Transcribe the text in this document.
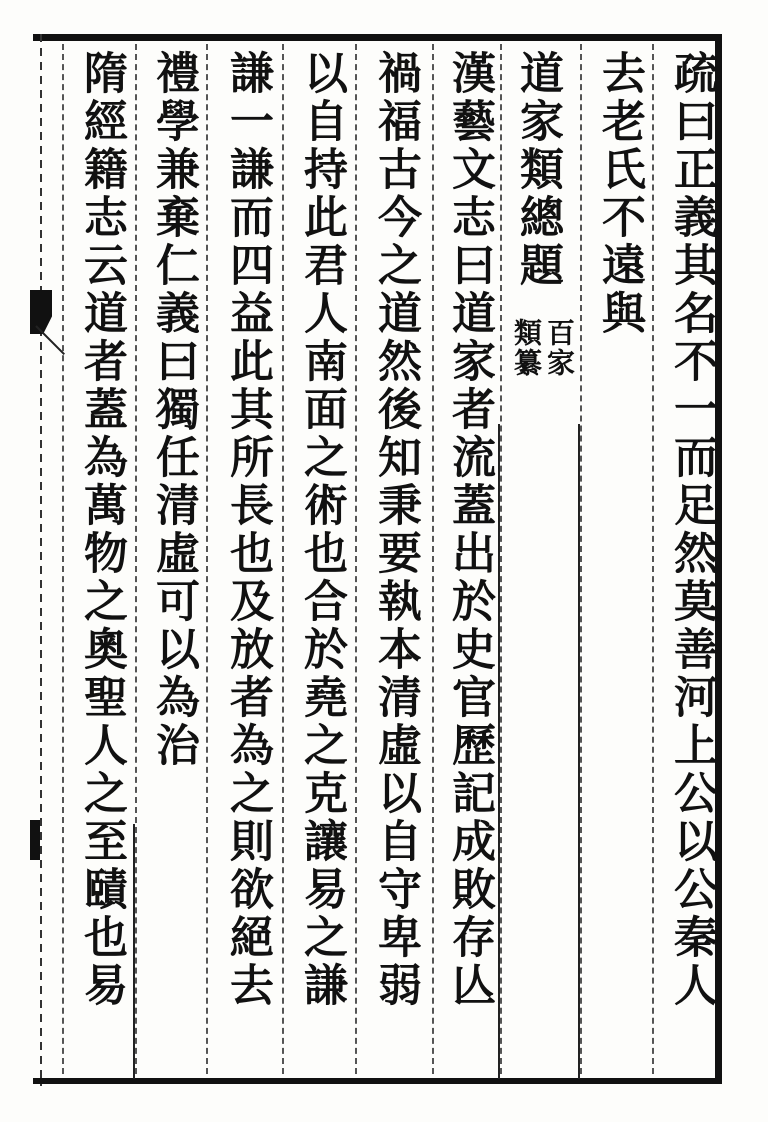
疏曰正義其名不一而足然莫善河上公以公秦人
去老氏不遠與
道家類總題
百家
類纂
漢藝文志曰道家者流蓋出於史官歷記成敗存亾
禍福古今之道然後知秉要執本清虛以自守卑弱
以自持此君人南面之術也合於堯之克讓易之謙
謙一謙而四益此其所長也及放者為之則欲絕去
禮學兼棄仁義曰獨任清虛可以為治
隋經籍志云道者蓋為萬物之奧聖人之至賾也易
